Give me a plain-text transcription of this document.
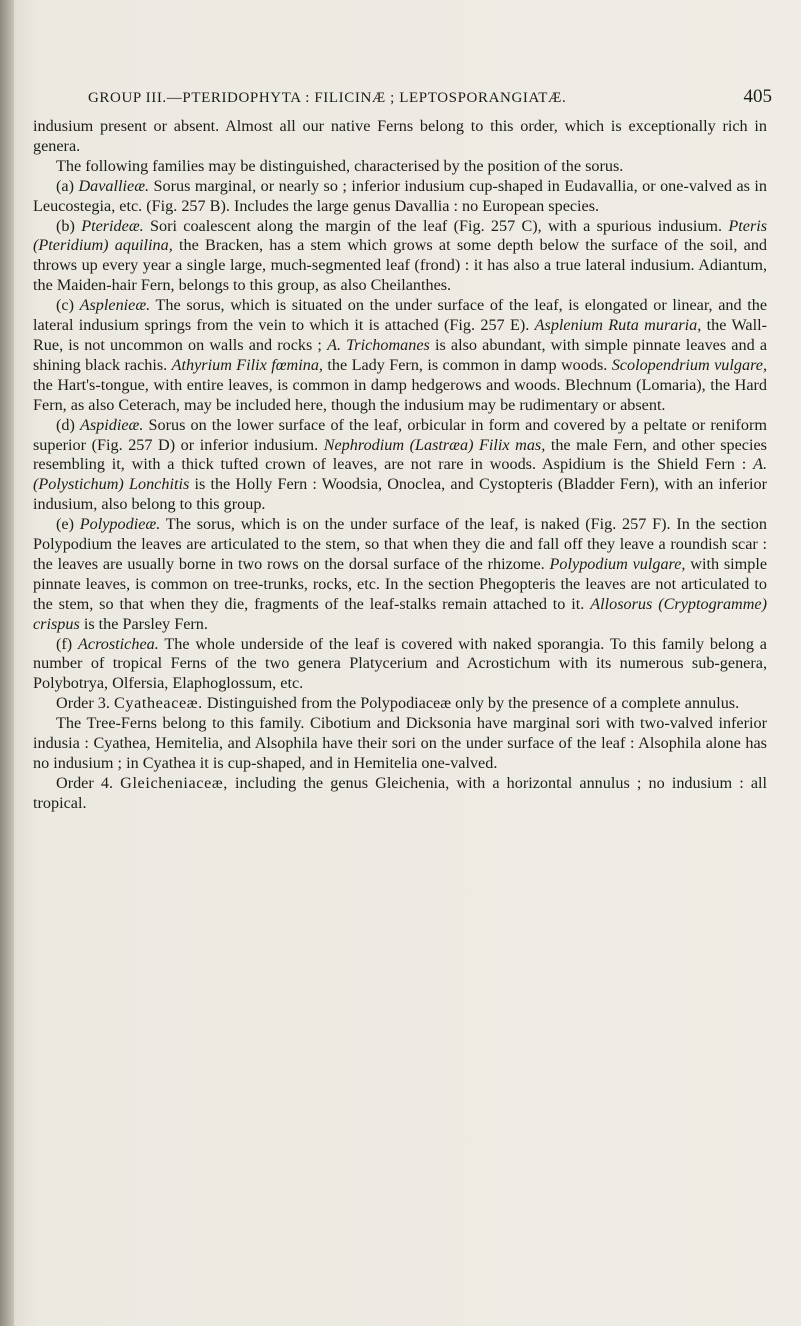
GROUP III.—PTERIDOPHYTA : FILICINÆ ; LEPTOSPORANGIATÆ.	405

indusium present or absent. Almost all our native Ferns belong to this order, which is exceptionally rich in genera.

The following families may be distinguished, characterised by the position of the sorus.

(a) Davallieæ. Sorus marginal, or nearly so ; inferior indusium cup-shaped in Eudavallia, or one-valved as in Leucostegia, etc. (Fig. 257 B). Includes the large genus Davallia : no European species.

(b) Pterideæ. Sori coalescent along the margin of the leaf (Fig. 257 C), with a spurious indusium. Pteris (Pteridium) aquilina, the Bracken, has a stem which grows at some depth below the surface of the soil, and throws up every year a single large, much-segmented leaf (frond) : it has also a true lateral indusium. Adiantum, the Maiden-hair Fern, belongs to this group, as also Cheilanthes.

(c) Asplenieæ. The sorus, which is situated on the under surface of the leaf, is elongated or linear, and the lateral indusium springs from the vein to which it is attached (Fig. 257 E). Asplenium Ruta muraria, the Wall-Rue, is not uncommon on walls and rocks ; A. Trichomanes is also abundant, with simple pinnate leaves and a shining black rachis. Athyrium Filix fœmina, the Lady Fern, is common in damp woods. Scolopendrium vulgare, the Hart's-tongue, with entire leaves, is common in damp hedgerows and woods. Blechnum (Lomaria), the Hard Fern, as also Ceterach, may be included here, though the indusium may be rudimentary or absent.

(d) Aspidieæ. Sorus on the lower surface of the leaf, orbicular in form and covered by a peltate or reniform superior (Fig. 257 D) or inferior indusium. Nephrodium (Lastræa) Filix mas, the male Fern, and other species resembling it, with a thick tufted crown of leaves, are not rare in woods. Aspidium is the Shield Fern : A. (Polystichum) Lonchitis is the Holly Fern : Woodsia, Onoclea, and Cystopteris (Bladder Fern), with an inferior indusium, also belong to this group.

(e) Polypodieæ. The sorus, which is on the under surface of the leaf, is naked (Fig. 257 F). In the section Polypodium the leaves are articulated to the stem, so that when they die and fall off they leave a roundish scar : the leaves are usually borne in two rows on the dorsal surface of the rhizome. Polypodium vulgare, with simple pinnate leaves, is common on tree-trunks, rocks, etc. In the section Phegopteris the leaves are not articulated to the stem, so that when they die, fragments of the leaf-stalks remain attached to it. Allosorus (Cryptogramme) crispus is the Parsley Fern.

(f) Acrostichea. The whole underside of the leaf is covered with naked sporangia. To this family belong a number of tropical Ferns of the two genera Platycerium and Acrostichum with its numerous sub-genera, Polybotrya, Olfersia, Elaphoglossum, etc.

Order 3. Cyatheaceæ. Distinguished from the Polypodiaceæ only by the presence of a complete annulus.

The Tree-Ferns belong to this family. Cibotium and Dicksonia have marginal sori with two-valved inferior indusia : Cyathea, Hemitelia, and Alsophila have their sori on the under surface of the leaf : Alsophila alone has no indusium ; in Cyathea it is cup-shaped, and in Hemitelia one-valved.

Order 4. Gleicheniaceæ, including the genus Gleichenia, with a horizontal annulus ; no indusium : all tropical.
